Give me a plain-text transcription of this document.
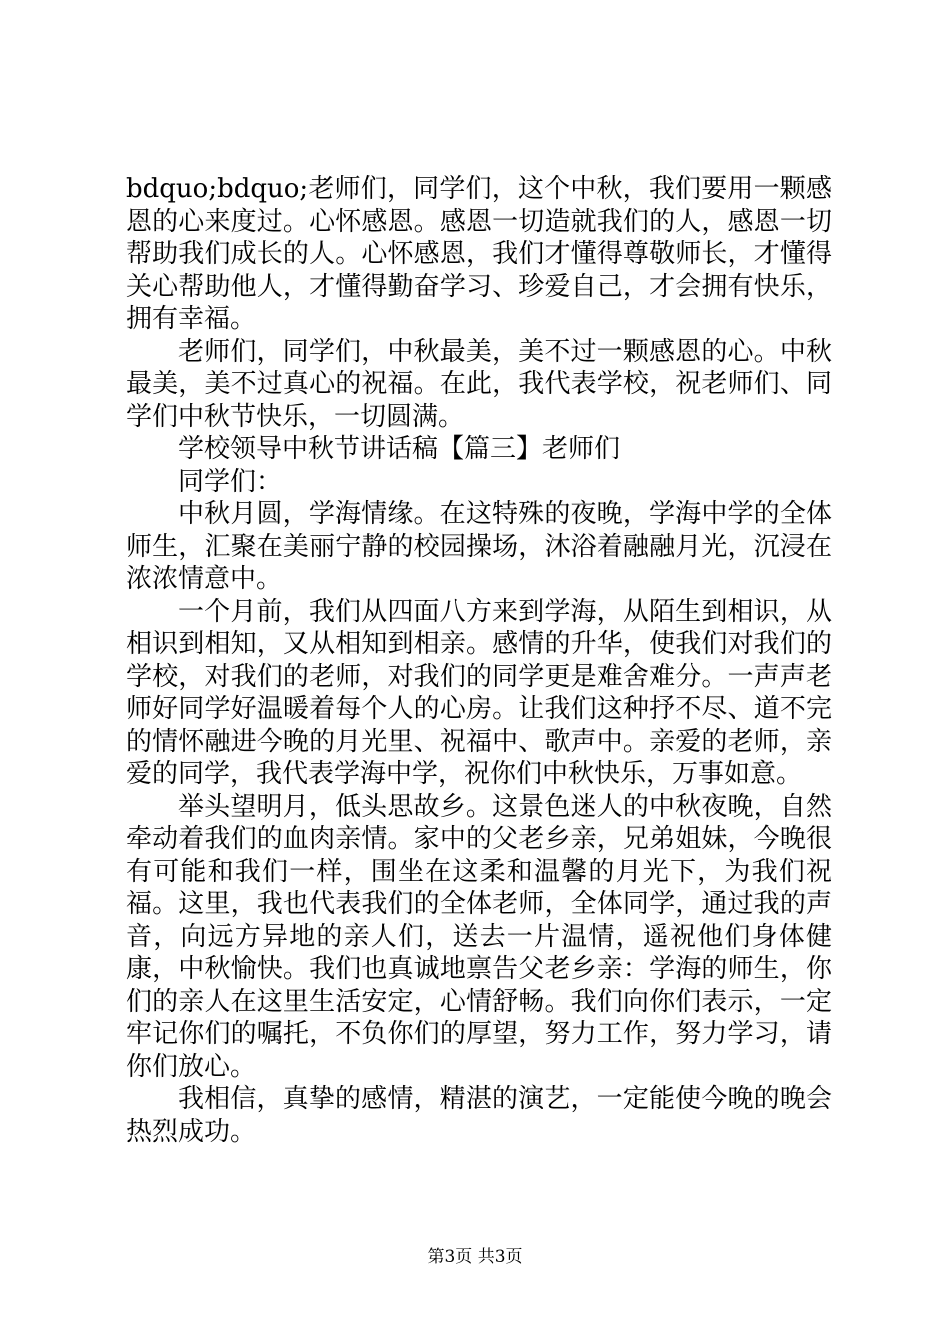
bdquo;bdquo;老师们，同学们，这个中秋，我们要用一颗感恩的心来度过。心怀感恩。感恩一切造就我们的人，感恩一切帮助我们成长的人。心怀感恩，我们才懂得尊敬师长，才懂得关心帮助他人，才懂得勤奋学习、珍爱自己，才会拥有快乐，拥有幸福。

老师们，同学们，中秋最美，美不过一颗感恩的心。中秋最美，美不过真心的祝福。在此，我代表学校，祝老师们、同学们中秋节快乐，一切圆满。

学校领导中秋节讲话稿【篇三】老师们

同学们：

中秋月圆，学海情缘。在这特殊的夜晚，学海中学的全体师生，汇聚在美丽宁静的校园操场，沐浴着融融月光，沉浸在浓浓情意中。

一个月前，我们从四面八方来到学海，从陌生到相识，从相识到相知，又从相知到相亲。感情的升华，使我们对我们的学校，对我们的老师，对我们的同学更是难舍难分。一声声老师好同学好温暖着每个人的心房。让我们这种抒不尽、道不完的情怀融进今晚的月光里、祝福中、歌声中。亲爱的老师，亲爱的同学，我代表学海中学，祝你们中秋快乐，万事如意。

举头望明月，低头思故乡。这景色迷人的中秋夜晚，自然牵动着我们的血肉亲情。家中的父老乡亲，兄弟姐妹，今晚很有可能和我们一样，围坐在这柔和温馨的月光下，为我们祝福。这里，我也代表我们的全体老师，全体同学，通过我的声音，向远方异地的亲人们，送去一片温情，遥祝他们身体健康，中秋愉快。我们也真诚地禀告父老乡亲：学海的师生，你们的亲人在这里生活安定，心情舒畅。我们向你们表示，一定牢记你们的嘱托，不负你们的厚望，努力工作，努力学习，请你们放心。

我相信，真挚的感情，精湛的演艺，一定能使今晚的晚会热烈成功。

第3页 共3页
